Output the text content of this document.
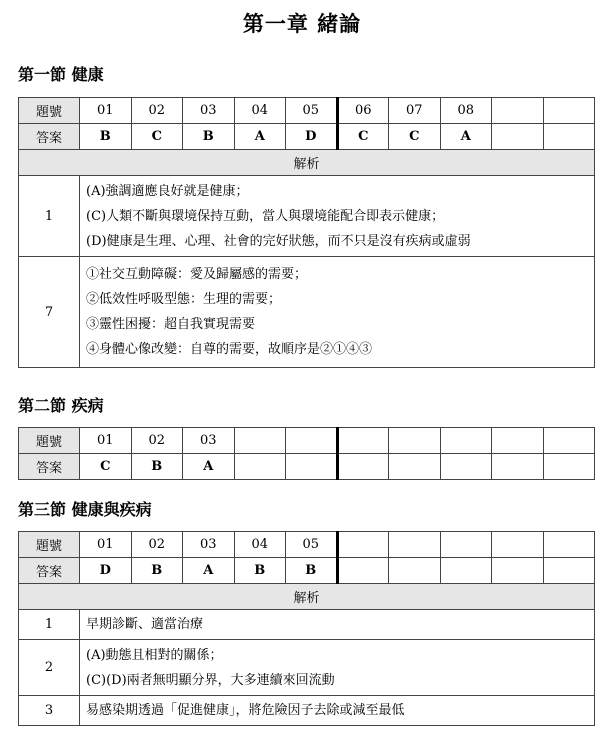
第一章 緒論
第一節 健康
題號	01	02	03	04	05	06	07	08		
答案	B	C	B	A	D	C	C	A		
解析										
1	(A)強調適應良好就是健康；
(C)人類不斷與環境保持互動，當人與環境能配合即表示健康；
(D)健康是生理、心理、社會的完好狀態，而不只是沒有疾病或虛弱									

7	①社交互動障礙：愛及歸屬感的需要；
②低效性呼吸型態：生理的需要；
③靈性困擾：超自我實現需要
④身體心像改變：自尊的需要，故順序是②①④③									
第二節 疾病
題號	01	02	03							
答案	C	B	A							
第三節 健康與疾病
題號	01	02	03	04	05					
答案	D	B	A	B	B					
解析										
1	早期診斷、適當治療									

2	(A)動態且相對的關係；
(C)(D)兩者無明顯分界，大多連續來回流動									

3	易感染期透過「促進健康」，將危險因子去除或減至最低									
